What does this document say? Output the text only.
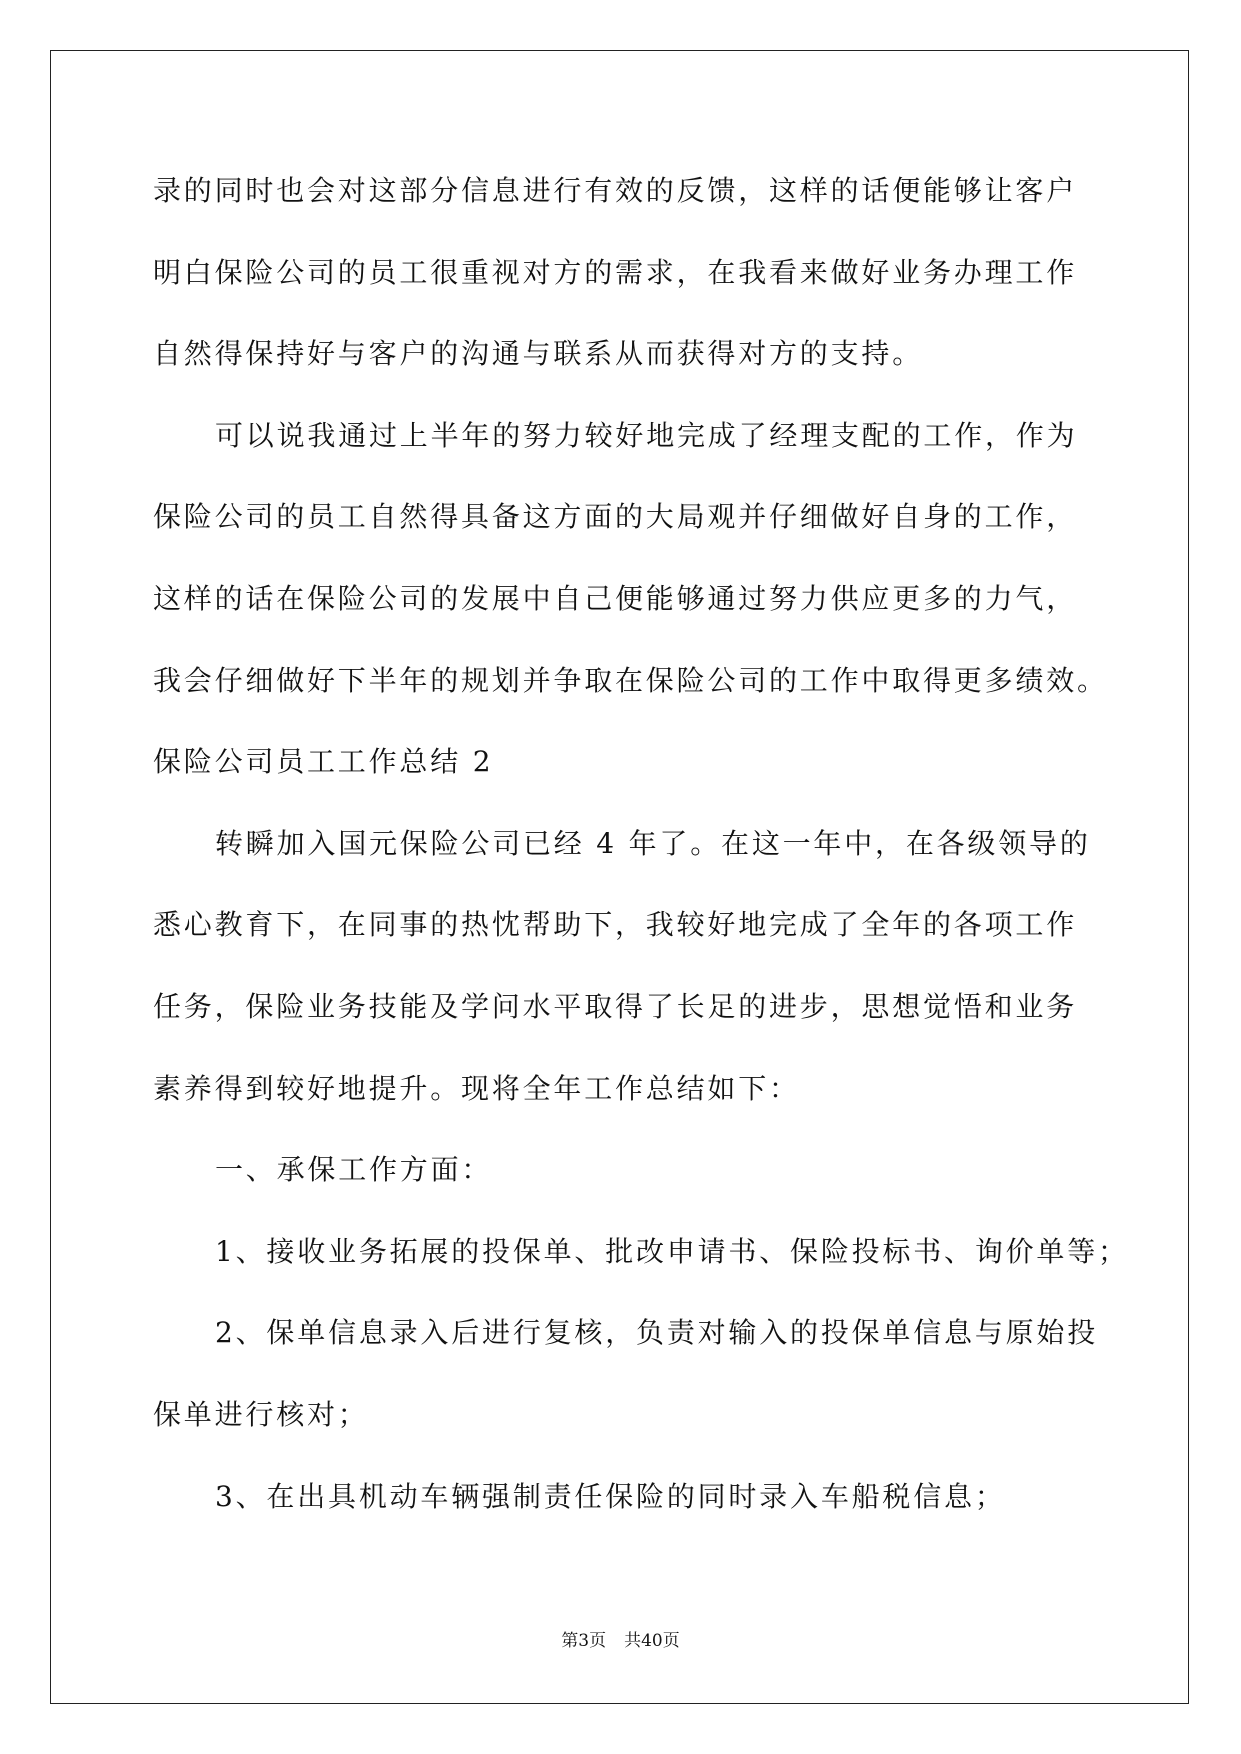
录的同时也会对这部分信息进行有效的反馈，这样的话便能够让客户
明白保险公司的员工很重视对方的需求，在我看来做好业务办理工作
自然得保持好与客户的沟通与联系从而获得对方的支持。
可以说我通过上半年的努力较好地完成了经理支配的工作，作为
保险公司的员工自然得具备这方面的大局观并仔细做好自身的工作，
这样的话在保险公司的发展中自己便能够通过努力供应更多的力气，
我会仔细做好下半年的规划并争取在保险公司的工作中取得更多绩效。
保险公司员工工作总结 2
转瞬加入国元保险公司已经 4 年了。在这一年中，在各级领导的
悉心教育下，在同事的热忱帮助下，我较好地完成了全年的各项工作
任务，保险业务技能及学问水平取得了长足的进步，思想觉悟和业务
素养得到较好地提升。现将全年工作总结如下：
一、承保工作方面：
1、接收业务拓展的投保单、批改申请书、保险投标书、询价单等；
2、保单信息录入后进行复核，负责对输入的投保单信息与原始投
保单进行核对；
3、在出具机动车辆强制责任保险的同时录入车船税信息；
第3页 共40页
